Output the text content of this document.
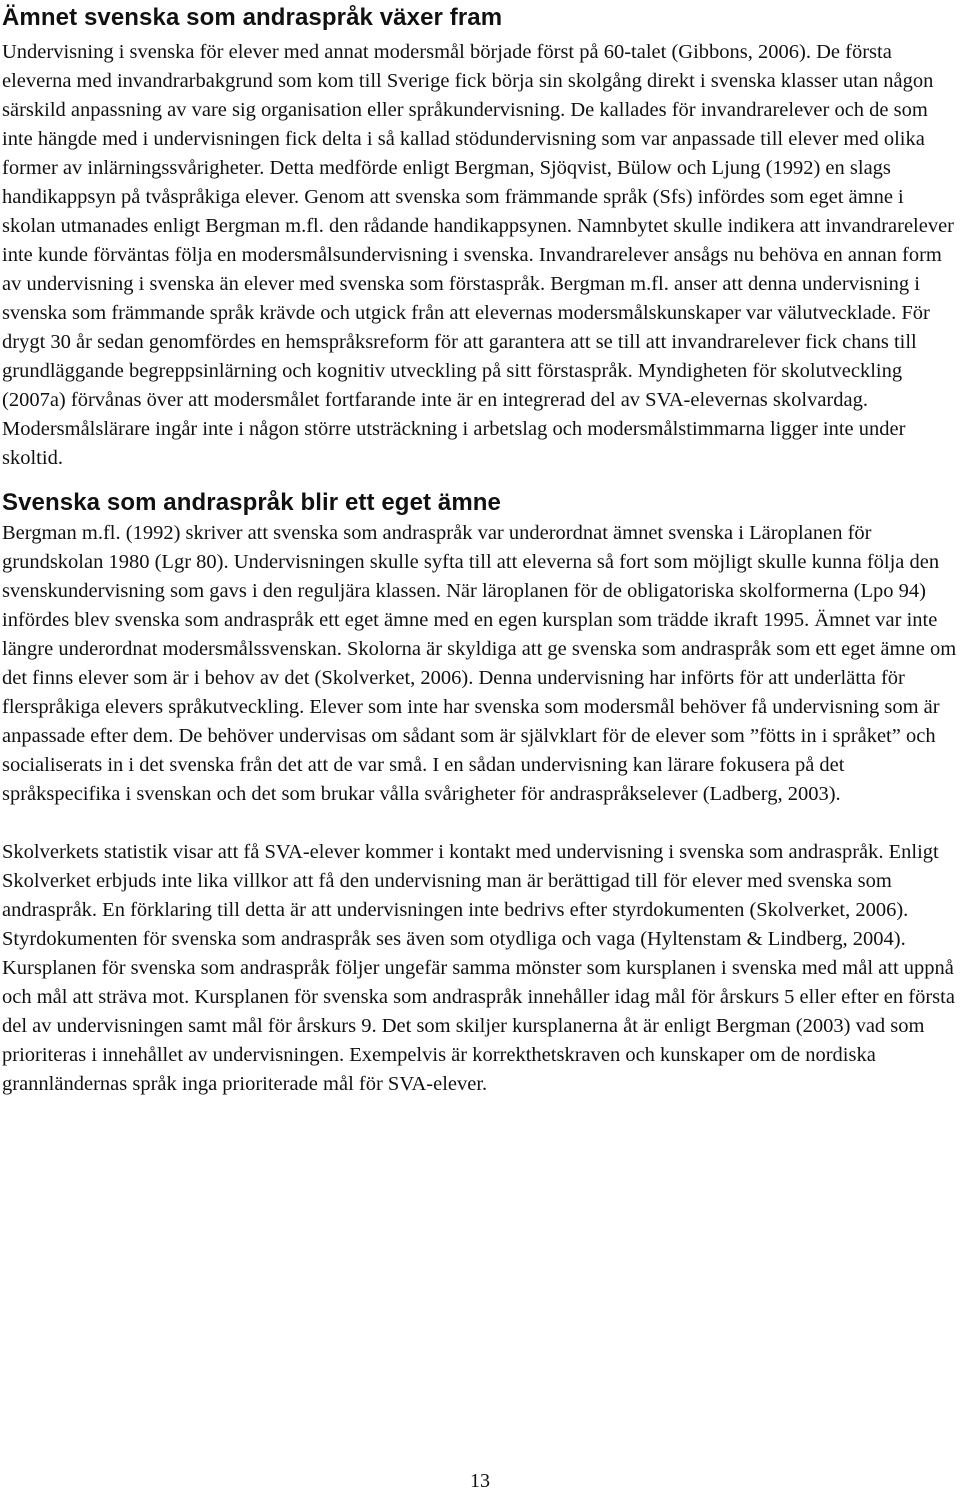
Ämnet svenska som andraspråk växer fram

Undervisning i svenska för elever med annat modersmål började först på 60-talet (Gibbons, 2006). De första eleverna med invandrarbakgrund som kom till Sverige fick börja sin skolgång direkt i svenska klasser utan någon särskild anpassning av vare sig organisation eller språkundervisning. De kallades för invandrarelever och de som inte hängde med i undervisningen fick delta i så kallad stödundervisning som var anpassade till elever med olika former av inlärningssvårigheter. Detta medförde enligt Bergman, Sjöqvist, Bülow och Ljung (1992) en slags handikappsyn på tvåspråkiga elever. Genom att svenska som främmande språk (Sfs) infördes som eget ämne i skolan utmanades enligt Bergman m.fl. den rådande handikappsynen. Namnbytet skulle indikera att invandrarelever inte kunde förväntas följa en modersmålsundervisning i svenska. Invandrarelever ansågs nu behöva en annan form av undervisning i svenska än elever med svenska som förstaspråk. Bergman m.fl. anser att denna undervisning i svenska som främmande språk krävde och utgick från att elevernas modersmålskunskaper var välutvecklade. För drygt 30 år sedan genomfördes en hemspråksreform för att garantera att se till att invandrarelever fick chans till grundläggande begreppsinlärning och kognitiv utveckling på sitt förstaspråk. Myndigheten för skolutveckling (2007a) förvånas över att modersmålet fortfarande inte är en integrerad del av SVA-elevernas skolvardag. Modersmålslärare ingår inte i någon större utsträckning i arbetslag och modersmålstimmarna ligger inte under skoltid.

Svenska som andraspråk blir ett eget ämne

Bergman m.fl. (1992) skriver att svenska som andraspråk var underordnat ämnet svenska i Läroplanen för grundskolan 1980 (Lgr 80). Undervisningen skulle syfta till att eleverna så fort som möjligt skulle kunna följa den svenskundervisning som gavs i den reguljära klassen. När läroplanen för de obligatoriska skolformerna (Lpo 94) infördes blev svenska som andraspråk ett eget ämne med en egen kursplan som trädde ikraft 1995. Ämnet var inte längre underordnat modersmålssvenskan. Skolorna är skyldiga att ge svenska som andraspråk som ett eget ämne om det finns elever som är i behov av det (Skolverket, 2006). Denna undervisning har införts för att underlätta för flerspråkiga elevers språkutveckling. Elever som inte har svenska som modersmål behöver få undervisning som är anpassade efter dem. De behöver undervisas om sådant som är självklart för de elever som ”fötts in i språket” och socialiserats in i det svenska från det att de var små. I en sådan undervisning kan lärare fokusera på det språkspecifika i svenskan och det som brukar vålla svårigheter för andraspråkselever (Ladberg, 2003).

Skolverkets statistik visar att få SVA-elever kommer i kontakt med undervisning i svenska som andraspråk. Enligt Skolverket erbjuds inte lika villkor att få den undervisning man är berättigad till för elever med svenska som andraspråk. En förklaring till detta är att undervisningen inte bedrivs efter styrdokumenten (Skolverket, 2006). Styrdokumenten för svenska som andraspråk ses även som otydliga och vaga (Hyltenstam & Lindberg, 2004). Kursplanen för svenska som andraspråk följer ungefär samma mönster som kursplanen i svenska med mål att uppnå och mål att sträva mot. Kursplanen för svenska som andraspråk innehåller idag mål för årskurs 5 eller efter en första del av undervisningen samt mål för årskurs 9. Det som skiljer kursplanerna åt är enligt Bergman (2003) vad som prioriteras i innehållet av undervisningen. Exempelvis är korrekthetskraven och kunskaper om de nordiska grannländernas språk inga prioriterade mål för SVA-elever.

13
